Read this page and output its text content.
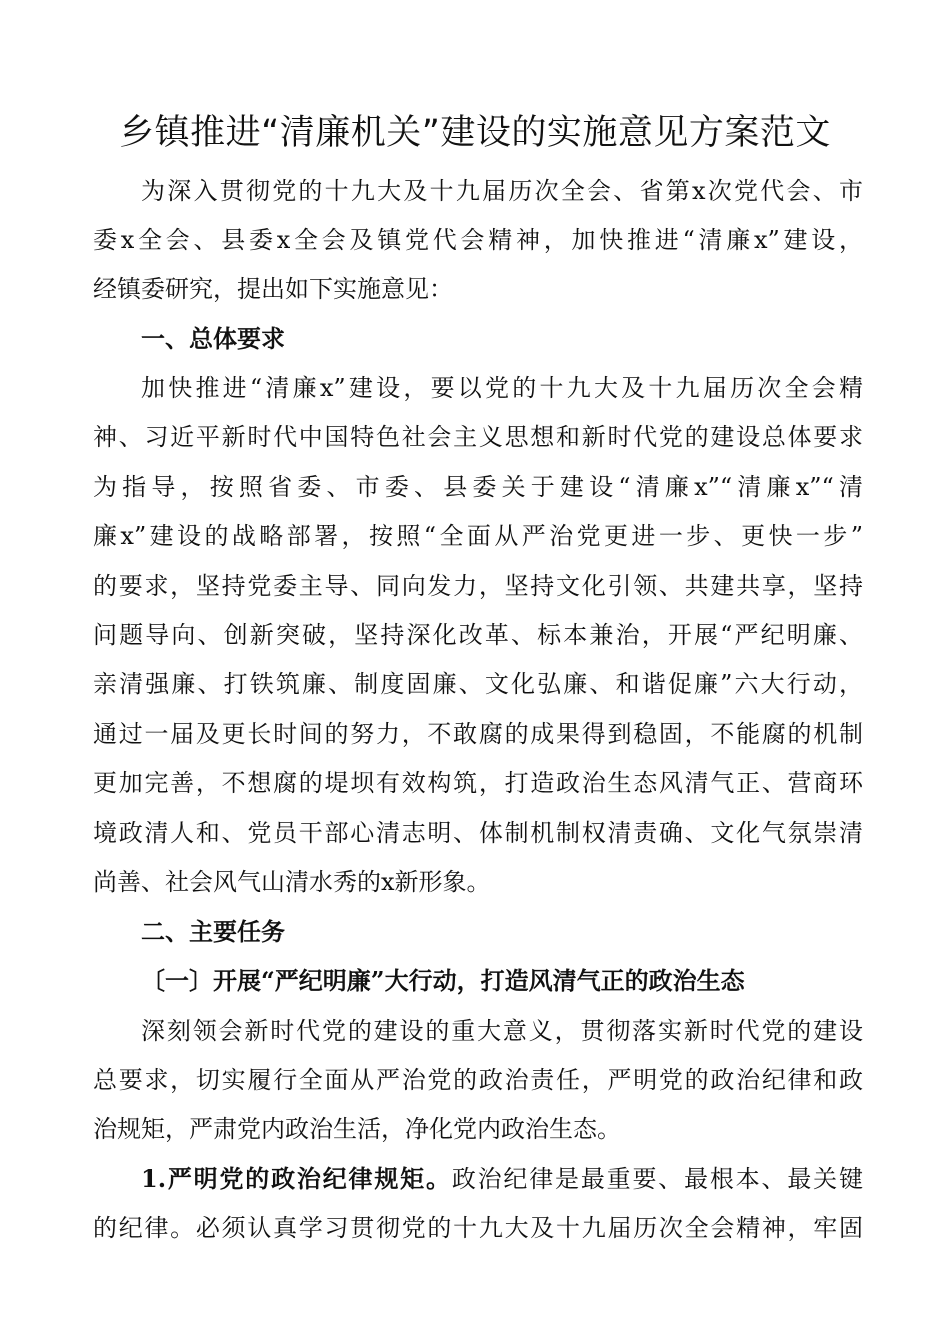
乡镇推进“清廉机关”建设的实施意见方案范文
为深入贯彻党的十九大及十九届历次全会、省第x次党代会、市
委x全会、县委x全会及镇党代会精神，加快推进“清廉x”建设，
经镇委研究，提出如下实施意见：
一、总体要求
加快推进“清廉x”建设，要以党的十九大及十九届历次全会精
神、习近平新时代中国特色社会主义思想和新时代党的建设总体要求
为指导，按照省委、市委、县委关于建设“清廉x”“清廉x”“清
廉x”建设的战略部署，按照“全面从严治党更进一步、更快一步”
的要求，坚持党委主导、同向发力，坚持文化引领、共建共享，坚持
问题导向、创新突破，坚持深化改革、标本兼治，开展“严纪明廉、
亲清强廉、打铁筑廉、制度固廉、文化弘廉、和谐促廉”六大行动，
通过一届及更长时间的努力，不敢腐的成果得到稳固，不能腐的机制
更加完善，不想腐的堤坝有效构筑，打造政治生态风清气正、营商环
境政清人和、党员干部心清志明、体制机制权清责确、文化气氛崇清
尚善、社会风气山清水秀的x新形象。
二、主要任务
〔一〕开展“严纪明廉”大行动，打造风清气正的政治生态
深刻领会新时代党的建设的重大意义，贯彻落实新时代党的建设
总要求，切实履行全面从严治党的政治责任，严明党的政治纪律和政
治规矩，严肃党内政治生活，净化党内政治生态。
1.严明党的政治纪律规矩。政治纪律是最重要、最根本、最关键
的纪律。必须认真学习贯彻党的十九大及十九届历次全会精神，牢固
